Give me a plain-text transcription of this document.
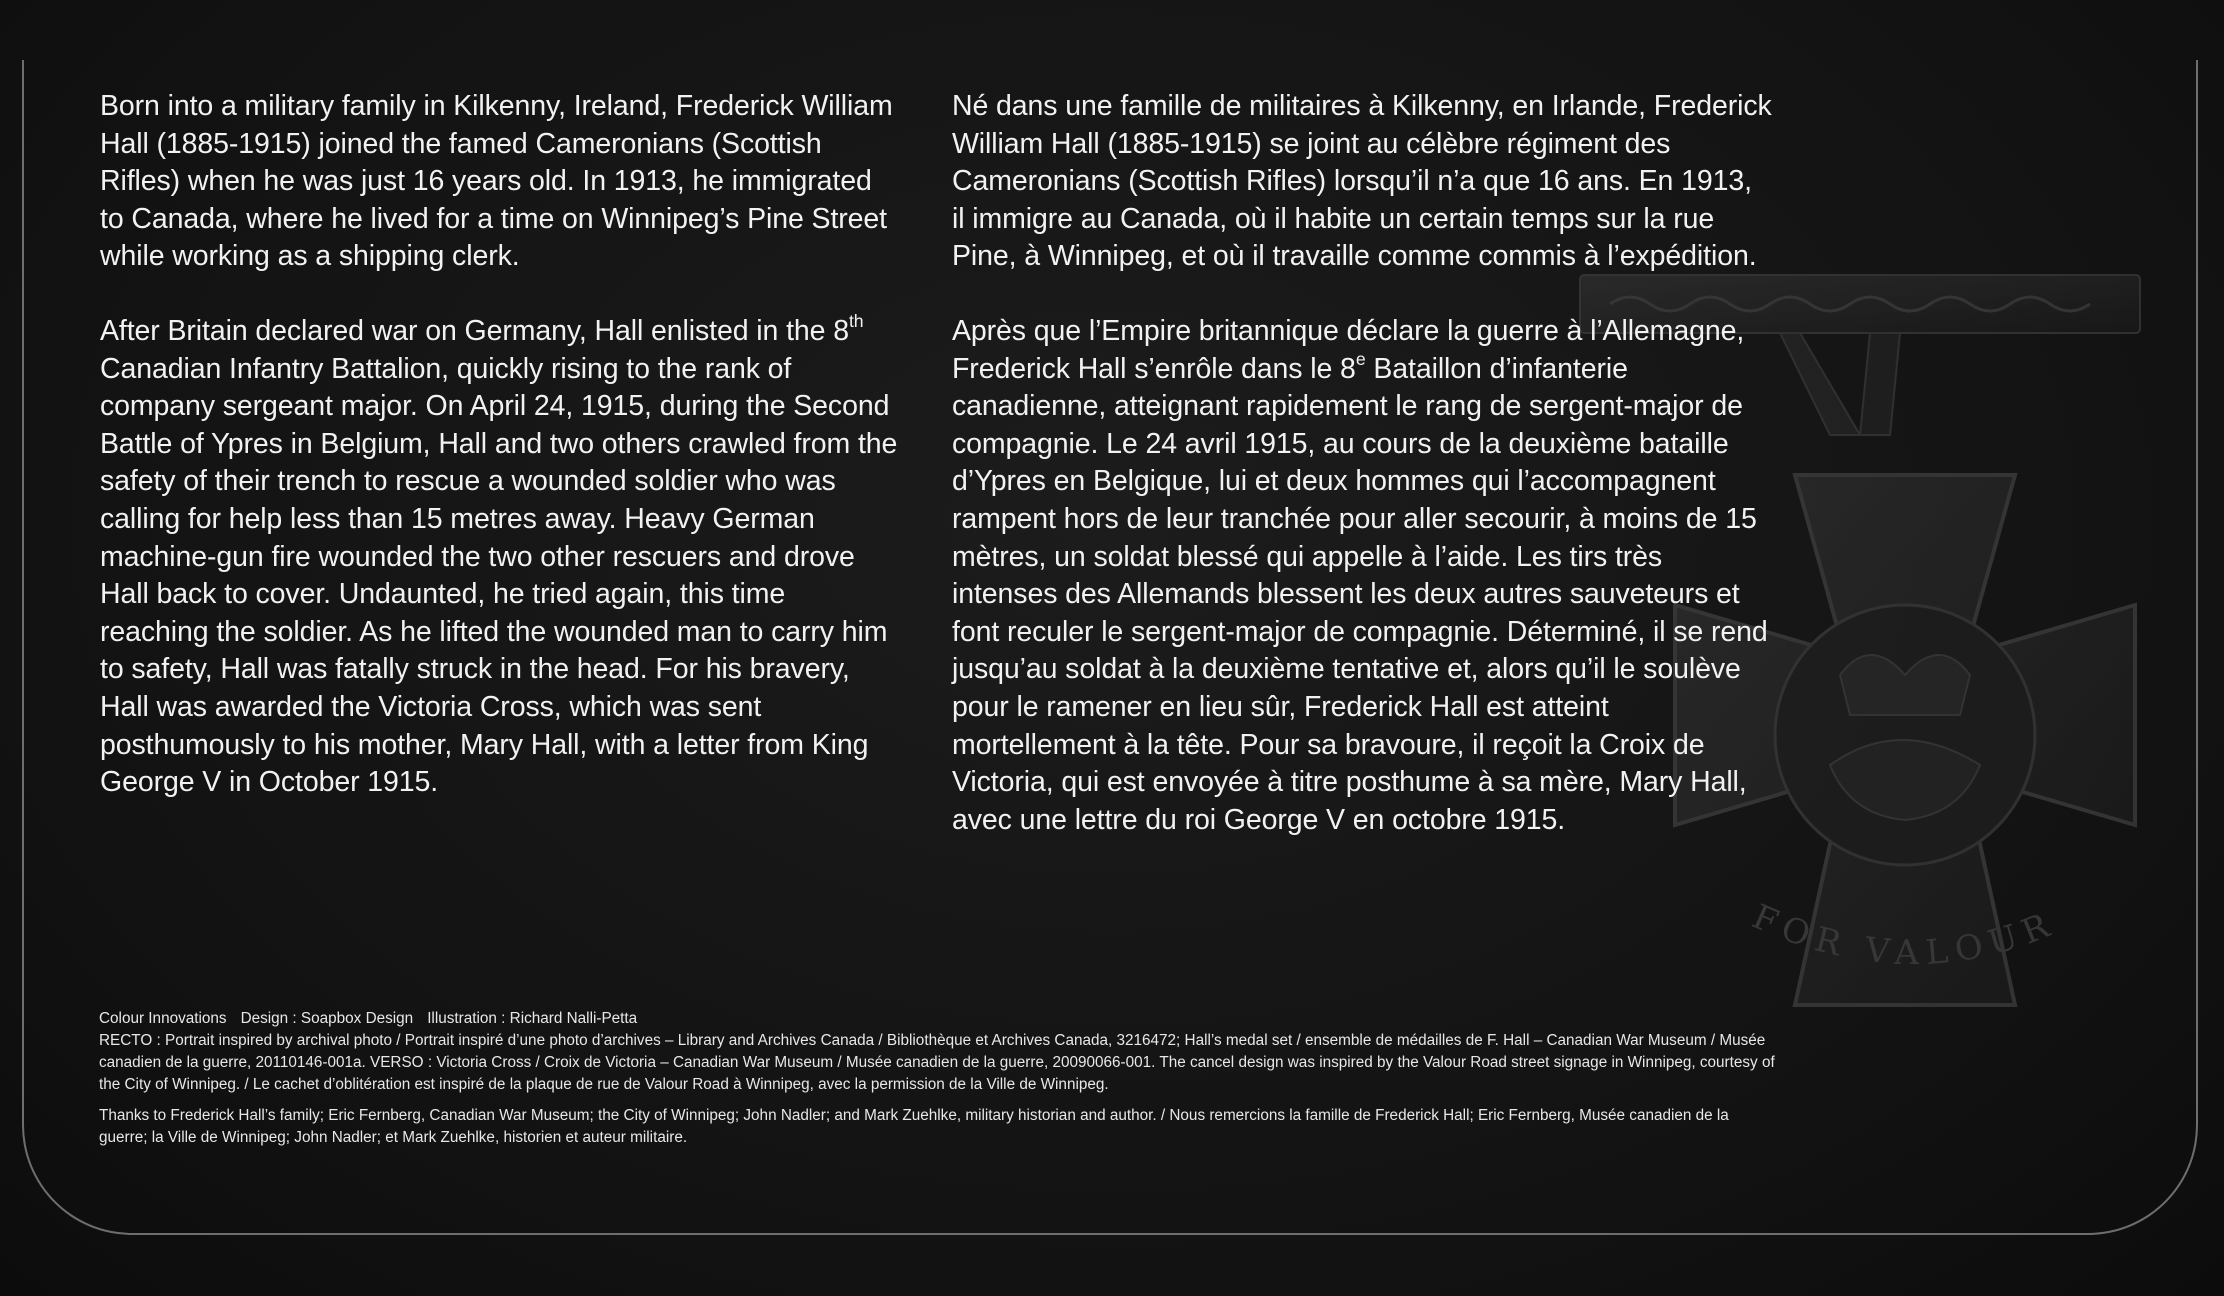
FOR VALOUR

Born into a military family in Kilkenny, Ireland, Frederick William Hall (1885-1915) joined the famed Cameronians (Scottish Rifles) when he was just 16 years old. In 1913, he immigrated to Canada, where he lived for a time on Winnipeg’s Pine Street while working as a shipping clerk.

After Britain declared war on Germany, Hall enlisted in the 8th Canadian Infantry Battalion, quickly rising to the rank of company sergeant major. On April 24, 1915, during the Second Battle of Ypres in Belgium, Hall and two others crawled from the safety of their trench to rescue a wounded soldier who was calling for help less than 15 metres away. Heavy German machine-gun fire wounded the two other rescuers and drove Hall back to cover. Undaunted, he tried again, this time reaching the soldier. As he lifted the wounded man to carry him to safety, Hall was fatally struck in the head. For his bravery, Hall was awarded the Victoria Cross, which was sent posthumously to his mother, Mary Hall, with a letter from King George V in October 1915.

Né dans une famille de militaires à Kilkenny, en Irlande, Frederick William Hall (1885-1915) se joint au célèbre régiment des Cameronians (Scottish Rifles) lorsqu’il n’a que 16 ans. En 1913, il immigre au Canada, où il habite un certain temps sur la rue Pine, à Winnipeg, et où il travaille comme commis à l’expédition.

Après que l’Empire britannique déclare la guerre à l’Allemagne, Frederick Hall s’enrôle dans le 8e Bataillon d’infanterie canadienne, atteignant rapidement le rang de sergent-major de compagnie. Le 24 avril 1915, au cours de la deuxième bataille d’Ypres en Belgique, lui et deux hommes qui l’accompagnent rampent hors de leur tranchée pour aller secourir, à moins de 15 mètres, un soldat blessé qui appelle à l’aide. Les tirs très intenses des Allemands blessent les deux autres sauveteurs et font reculer le sergent-major de compagnie. Déterminé, il se rend jusqu’au soldat à la deuxième tentative et, alors qu’il le soulève pour le ramener en lieu sûr, Frederick Hall est atteint mortellement à la tête. Pour sa bravoure, il reçoit la Croix de Victoria, qui est envoyée à titre posthume à sa mère, Mary Hall, avec une lettre du roi George V en octobre 1915.

Colour Innovations Design : Soapbox Design Illustration : Richard Nalli-Petta
RECTO : Portrait inspired by archival photo / Portrait inspiré d’une photo d’archives – Library and Archives Canada / Bibliothèque et Archives Canada, 3216472; Hall’s medal set / ensemble de médailles de F. Hall – Canadian War Museum / Musée canadien de la guerre, 20110146-001a. VERSO : Victoria Cross / Croix de Victoria – Canadian War Museum / Musée canadien de la guerre, 20090066-001. The cancel design was inspired by the Valour Road street signage in Winnipeg, courtesy of the City of Winnipeg. / Le cachet d’oblitération est inspiré de la plaque de rue de Valour Road à Winnipeg, avec la permission de la Ville de Winnipeg.

Thanks to Frederick Hall’s family; Eric Fernberg, Canadian War Museum; the City of Winnipeg; John Nadler; and Mark Zuehlke, military historian and author. / Nous remercions la famille de Frederick Hall; Eric Fernberg, Musée canadien de la guerre; la Ville de Winnipeg; John Nadler; et Mark Zuehlke, historien et auteur militaire.
